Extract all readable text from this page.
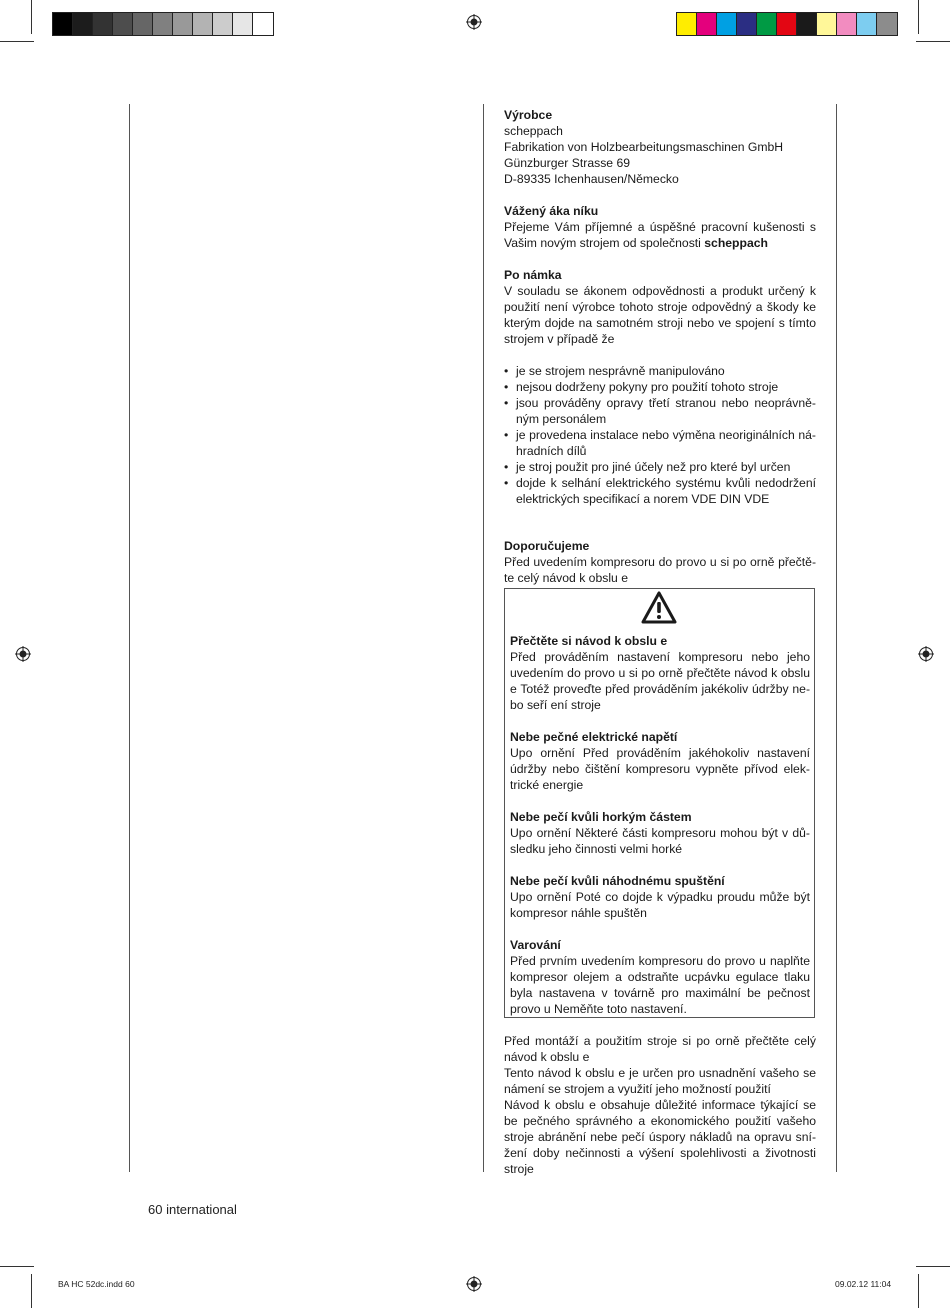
Výrobce

scheppach

Fabrikation von Holzbearbeitungsmaschinen GmbH

Günzburger Strasse 69

D-89335 Ichenhausen/Německo

Vážený áka níku

Přejeme Vám příjemné a úspěšné pracovní kušenosti s Vašim novým strojem od společnosti scheppach

Po námka

V souladu se ákonem odpovědnosti a produkt určený k použití není výrobce tohoto stroje odpovědný a škody ke kterým dojde na samotném stroji nebo ve spojení s tímto strojem v případě že

• je se strojem nesprávně manipulováno
• nejsou dodrženy pokyny pro použití tohoto stroje
• jsou prováděny opravy třetí stranou nebo neoprávně-ným personálem
• je provedena instalace nebo výměna neoriginálních ná-hradních dílů
• je stroj použit pro jiné účely než pro které byl určen
• dojde k selhání elektrického systému kvůli nedodržení elektrických specifikací a norem VDE DIN VDE

Doporučujeme

Před uvedením kompresoru do provo u si po orně přečtě-te celý návod k obslu e

Přečtěte si návod k obslu e

Před prováděním nastavení kompresoru nebo jeho uvedením do provo u si po orně přečtěte návod k obslu e Totéž proveďte před prováděním jakékoliv údržby ne-bo seří ení stroje

Nebe pečné elektrické napětí

Upo ornění Před prováděním jakéhokoliv nastavení údržby nebo čištění kompresoru vypněte přívod elek-trické energie

Nebe pečí kvůli horkým částem

Upo ornění Některé části kompresoru mohou být v dů-sledku jeho činnosti velmi horké

Nebe pečí kvůli náhodnému spuštění

Upo ornění Poté co dojde k výpadku proudu může být kompresor náhle spuštěn

Varování

Před prvním uvedením kompresoru do provo u naplňte kompresor olejem a odstraňte ucpávku egulace tlaku byla nastavena v továrně pro maximální be pečnost provo u Neměňte toto nastavení.

Před montáží a použitím stroje si po orně přečtěte celý návod k obslu e

Tento návod k obslu e je určen pro usnadnění vašeho se námení se strojem a využití jeho možností použití

Návod k obslu e obsahuje důležité informace týkající se be pečného správného a ekonomického použití vašeho stroje abránění nebe pečí úspory nákladů na opravu sní-žení doby nečinnosti a výšení spolehlivosti a životnosti stroje

60 international
BA HC 52dc.indd 60	09.02.12 11:04
